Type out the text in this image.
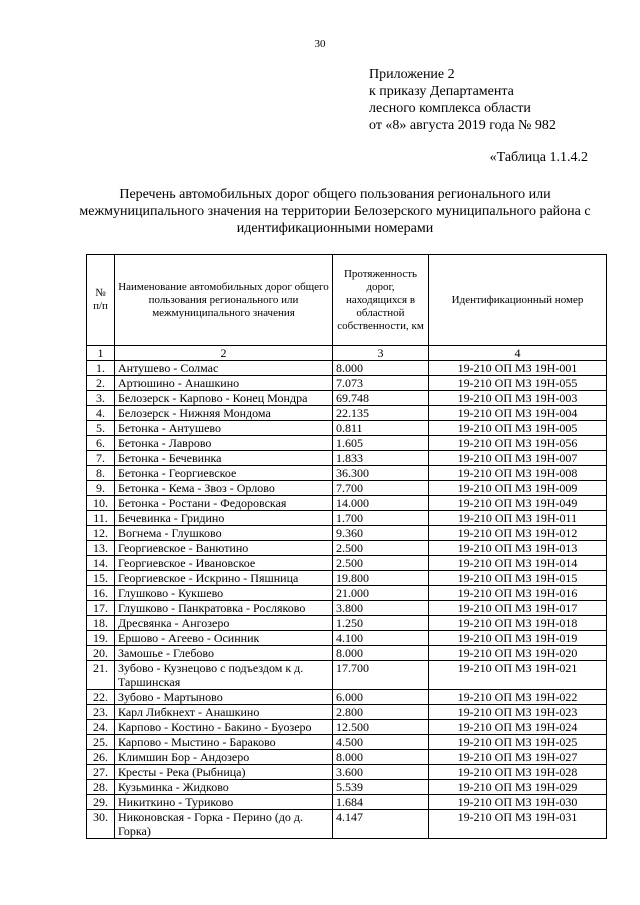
30
Приложение 2
к приказу Департамента
лесного комплекса области
от «8» августа 2019 года № 982
«Таблица 1.1.4.2
Перечень автомобильных дорог общего пользования регионального или межмуниципального значения на территории Белозерского муниципального района с идентификационными номерами
№ п/п	Наименование автомобильных дорог общего пользования регионального или межмуниципального значения	Протяженность дорог, находящихся в областной собственности, км	Идентификационный номер
1	2	3	4
1.	Антушево - Солмас	8.000	19-210 ОП МЗ 19Н-001
2.	Артюшино - Анашкино	7.073	19-210 ОП МЗ 19Н-055
3.	Белозерск - Карпово - Конец Мондра	69.748	19-210 ОП МЗ 19Н-003
4.	Белозерск - Нижняя Мондома	22.135	19-210 ОП МЗ 19Н-004
5.	Бетонка - Антушево	0.811	19-210 ОП МЗ 19Н-005
6.	Бетонка - Лаврово	1.605	19-210 ОП МЗ 19Н-056
7.	Бетонка - Бечевинка	1.833	19-210 ОП МЗ 19Н-007
8.	Бетонка - Георгиевское	36.300	19-210 ОП МЗ 19Н-008
9.	Бетонка - Кема - Звоз - Орлово	7.700	19-210 ОП МЗ 19Н-009
10.	Бетонка - Ростани - Федоровская	14.000	19-210 ОП МЗ 19Н-049
11.	Бечевинка - Гридино	1.700	19-210 ОП МЗ 19Н-011
12.	Вогнема - Глушково	9.360	19-210 ОП МЗ 19Н-012
13.	Георгиевское - Ванютино	2.500	19-210 ОП МЗ 19Н-013
14.	Георгиевское - Ивановское	2.500	19-210 ОП МЗ 19Н-014
15.	Георгиевское - Искрино - Пяшница	19.800	19-210 ОП МЗ 19Н-015
16.	Глушково - Кукшево	21.000	19-210 ОП МЗ 19Н-016
17.	Глушково - Панкратовка - Росляково	3.800	19-210 ОП МЗ 19Н-017
18.	Дресвянка - Ангозеро	1.250	19-210 ОП МЗ 19Н-018
19.	Ершово - Агеево - Осинник	4.100	19-210 ОП МЗ 19Н-019
20.	Замошье - Глебово	8.000	19-210 ОП МЗ 19Н-020
21.	Зубово - Кузнецово с подъездом к д. Таршинская	17.700	19-210 ОП МЗ 19Н-021
22.	Зубово - Мартыново	6.000	19-210 ОП МЗ 19Н-022
23.	Карл Либкнехт - Анашкино	2.800	19-210 ОП МЗ 19Н-023
24.	Карпово - Костино - Бакино - Буозеро	12.500	19-210 ОП МЗ 19Н-024
25.	Карпово - Мыстино - Бараково	4.500	19-210 ОП МЗ 19Н-025
26.	Климшин Бор - Андозеро	8.000	19-210 ОП МЗ 19Н-027
27.	Кресты - Река (Рыбница)	3.600	19-210 ОП МЗ 19Н-028
28.	Кузьминка - Жидково	5.539	19-210 ОП МЗ 19Н-029
29.	Никиткино - Туриково	1.684	19-210 ОП МЗ 19Н-030
30.	Никоновская - Горка - Перино (до д. Горка)	4.147	19-210 ОП МЗ 19Н-031
